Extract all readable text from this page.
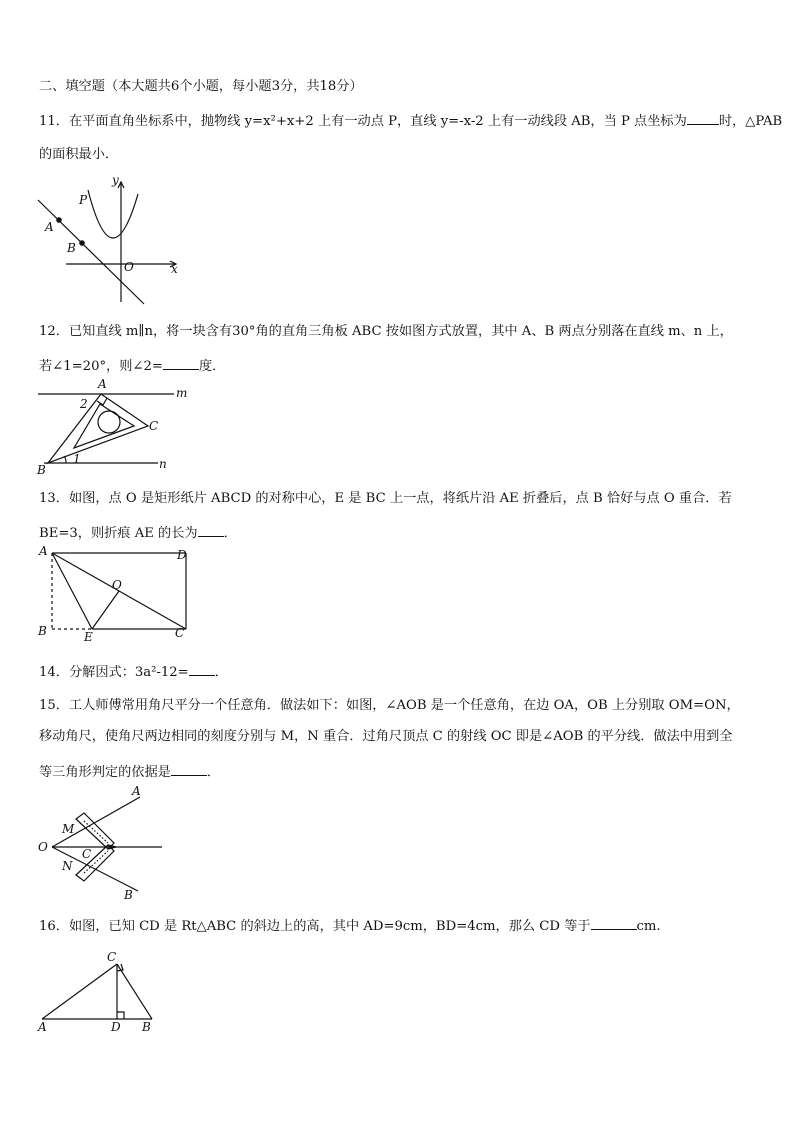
二、填空题（本大题共6个小题，每小题3分，共18分）
11．在平面直角坐标系中，抛物线 y=x²+x+2 上有一动点 P，直线 y=-x-2 上有一动线段 AB，当 P 点坐标为 时，△PAB
的面积最小．
y
P
A
B
O	x
12．已知直线 m∥n，将一块含有30°角的直角三角板 ABC 按如图方式放置，其中 A、B 两点分别落在直线 m、n 上，
若∠1=20°，则∠2=	度．
A
m
2
C
B
1	n
13．如图，点 O 是矩形纸片 ABCD 的对称中心，E 是 BC 上一点，将纸片沿 AE 折叠后，点 B 恰好与点 O 重合．若
BE=3，则折痕 AE 的长为 ．
A	D
O
B	E	C
14．分解因式：3a²-12= ．
15．工人师傅常用角尺平分一个任意角．做法如下：如图，∠AOB 是一个任意角，在边 OA，OB 上分别取 OM=ON，
移动角尺，使角尺两边相同的刻度分别与 M，N 重合．过角尺顶点 C 的射线 OC 即是∠AOB 的平分线．做法中用到全
等三角形判定的依据是	．
A
M
O	C
N
B
16．如图，已知 CD 是 Rt△ABC 的斜边上的高，其中 AD=9cm，BD=4cm，那么 CD 等于	cm.
C
A	D B
